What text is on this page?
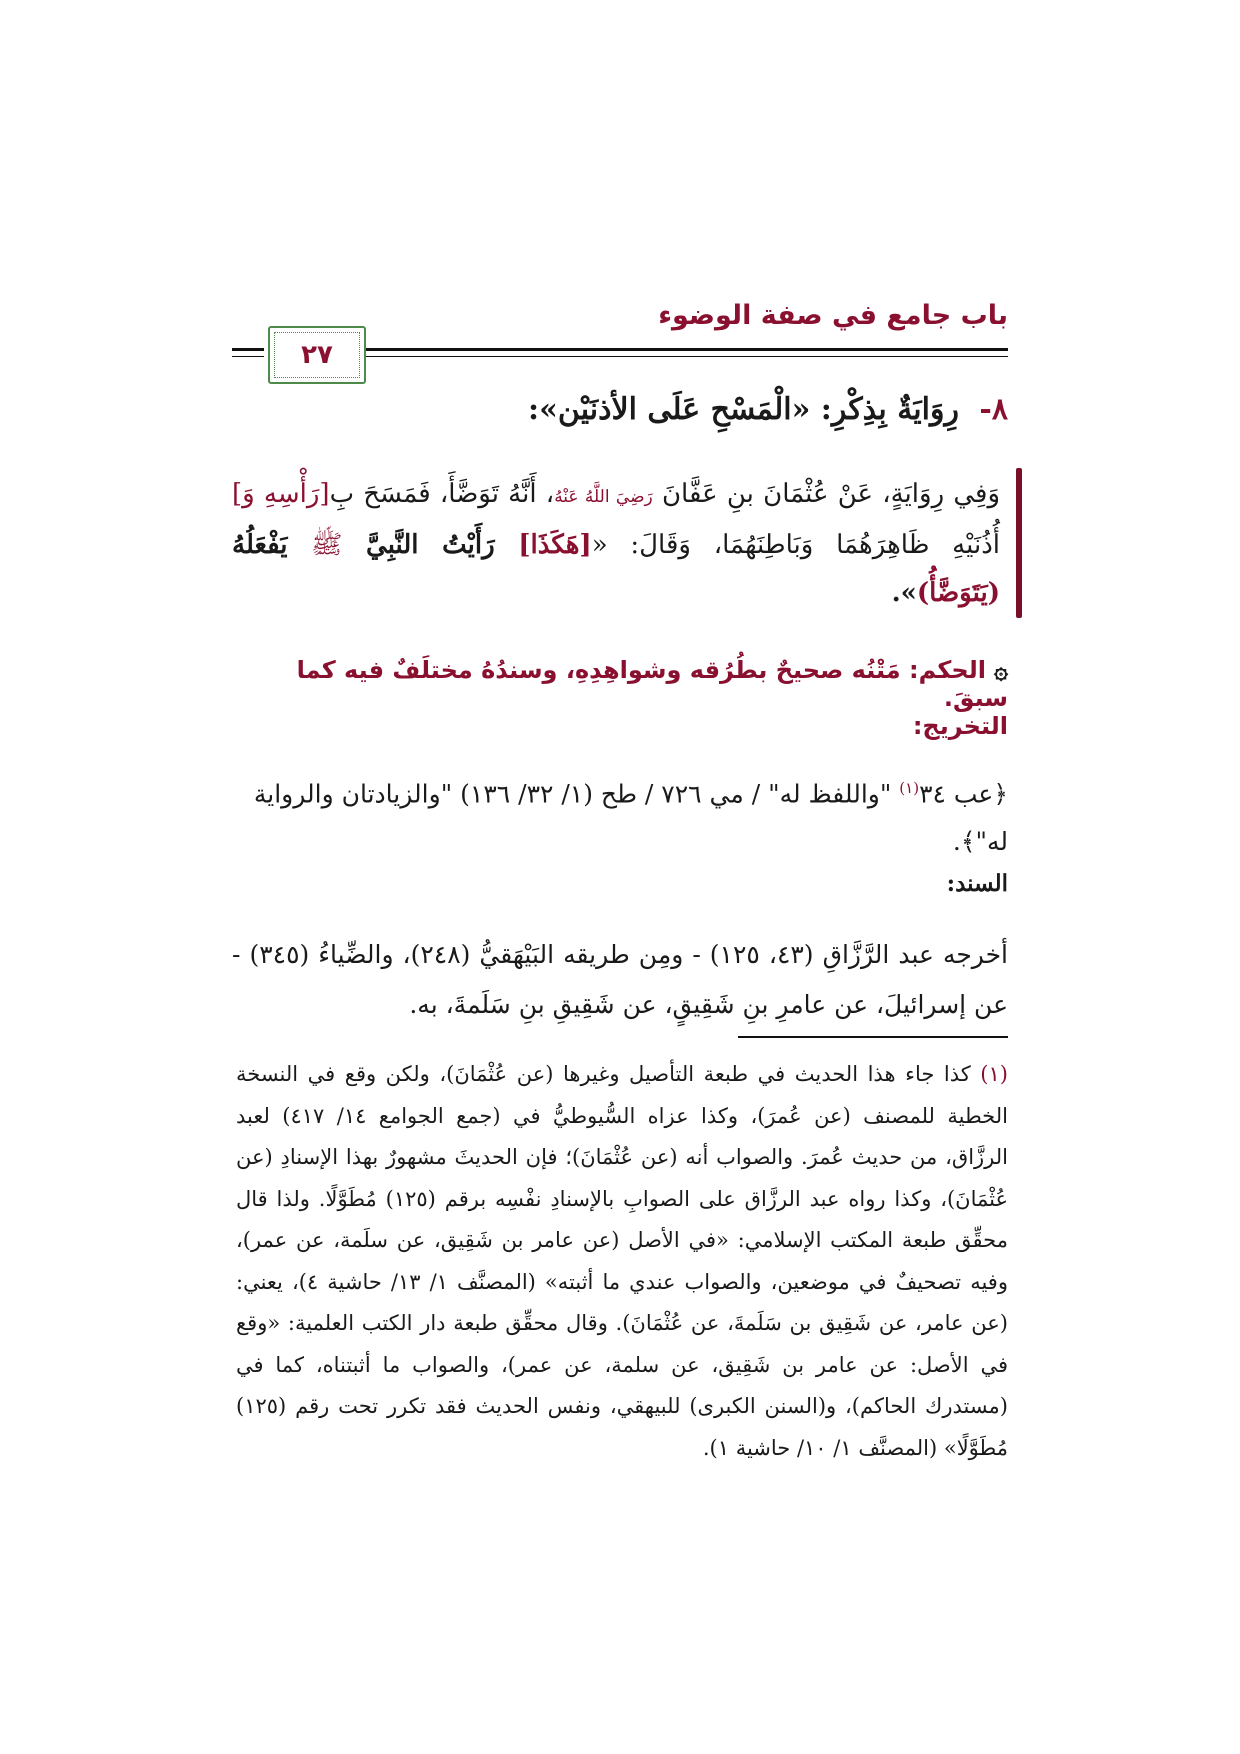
باب جامع في صفة الوضوء
٢٧
٨- رِوَايَةٌ بِذِكْرِ: «الْمَسْحِ عَلَى الأذنَيْن»:
وَفِي رِوَايَةٍ، عَنْ عُثْمَانَ بنِ عَفَّانَ رَضِيَ اللَّهُ عَنْهُ، أَنَّهُ تَوَضَّأَ، فَمَسَحَ بِ[رَأْسِهِ وَ] أُذُنَيْهِ ظَاهِرَهُمَا وَبَاطِنَهُمَا، وَقَالَ: «[هَكَذَا] رَأَيْتُ النَّبِيَّ ﷺ يَفْعَلُهُ (يَتَوَضَّأُ)».
۞الحكم: مَتْنُه صحيحٌ بطُرُقه وشواهِدِهِ، وسندُهُ مختلَفٌ فيه كما سبقَ.
التخريج:
﴿عب ٣٤$^{(١)}$ "واللفظ له" / مي ٧٢٦ / طح (١/ ٣٢/ ١٣٦) "والزيادتان والرواية له"﴾.
السند:
أخرجه عبد الرَّزَّاقِ (٤٣، ١٢٥) - ومِن طريقه البَيْهَقيُّ (٢٤٨)، والضِّياءُ (٣٤٥) - عن إسرائيلَ، عن عامرِ بنِ شَقِيقٍ، عن شَقِيقِ بنِ سَلَمةَ، به.
(١) كذا جاء هذا الحديث في طبعة التأصيل وغيرها (عن عُثْمَانَ)، ولكن وقع في النسخة الخطية للمصنف (عن عُمرَ)، وكذا عزاه السُّيوطيُّ في (جمع الجوامع ١٤/ ٤١٧) لعبد الرزَّاق، من حديث عُمرَ. والصواب أنه (عن عُثْمَانَ)؛ فإن الحديثَ مشهورٌ بهذا الإسنادِ (عن عُثْمَانَ)، وكذا رواه عبد الرزَّاق على الصوابِ بالإسنادِ نفْسِه برقم (١٢٥) مُطَوَّلًا. ولذا قال محقِّق طبعة المكتب الإسلامي: «في الأصل (عن عامر بن شَقِيق، عن سلَمة، عن عمر)، وفيه تصحيفٌ في موضعين، والصواب عندي ما أثبته» (المصنَّف ١/ ١٣/ حاشية ٤)، يعني: (عن عامر، عن شَقِيق بن سَلَمةَ، عن عُثْمَانَ). وقال محقِّق طبعة دار الكتب العلمية: «وقع في الأصل: عن عامر بن شَقِيق، عن سلمة، عن عمر)، والصواب ما أثبتناه، كما في (مستدرك الحاكم)، و(السنن الكبرى) للبيهقي، ونفس الحديث فقد تكرر تحت رقم (١٢٥) مُطَوَّلًا» (المصنَّف ١/ ١٠/ حاشية ١).
